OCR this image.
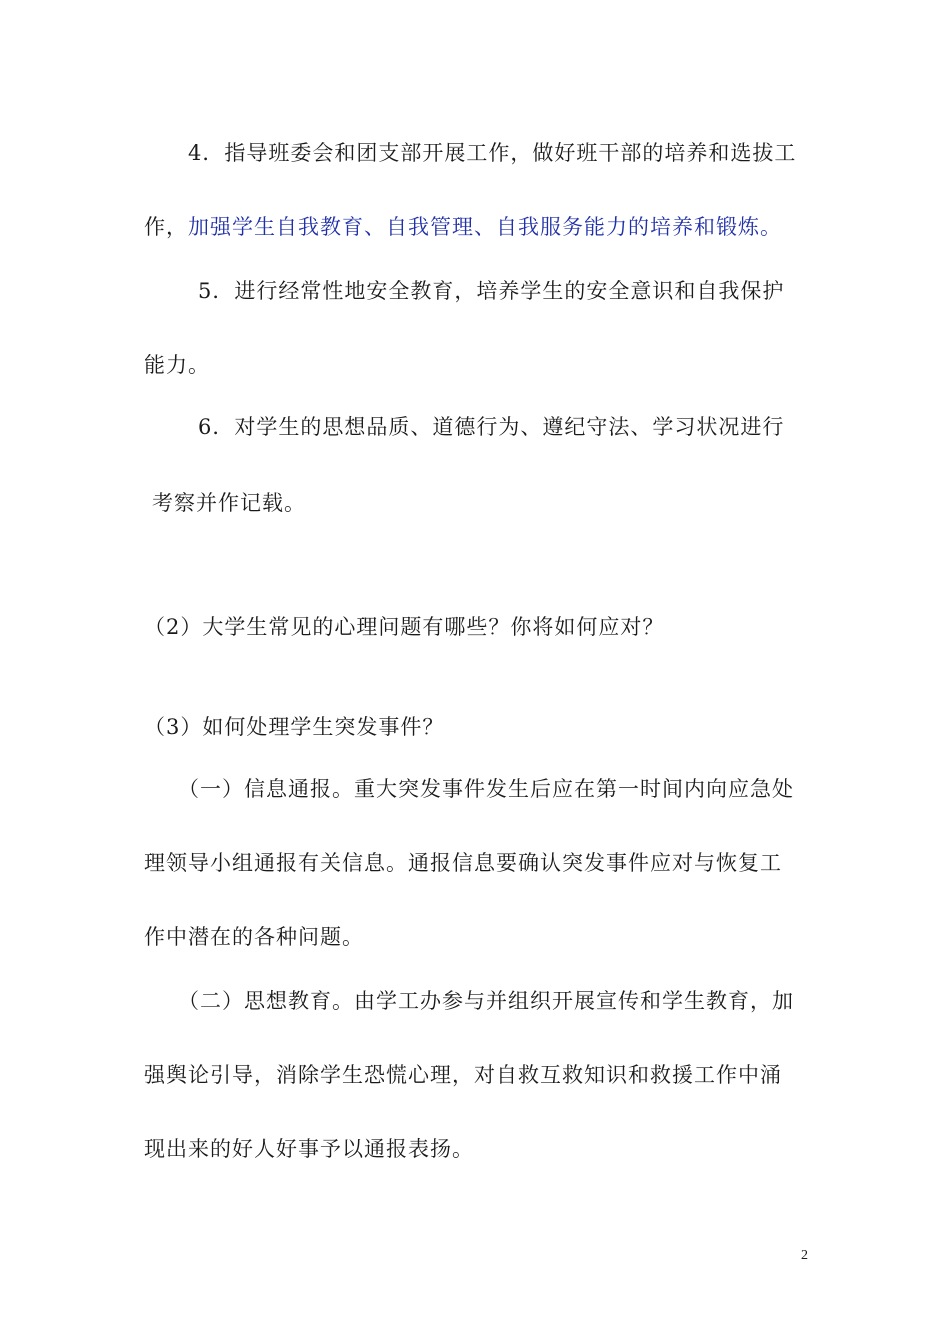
4．指导班委会和团支部开展工作，做好班干部的培养和选拔工
作，加强学生自我教育、自我管理、自我服务能力的培养和锻炼。
5．进行经常性地安全教育，培养学生的安全意识和自我保护
能力。
6．对学生的思想品质、道德行为、遵纪守法、学习状况进行
考察并作记载。
（2）大学生常见的心理问题有哪些？你将如何应对？
（3）如何处理学生突发事件？
（一）信息通报。重大突发事件发生后应在第一时间内向应急处
理领导小组通报有关信息。通报信息要确认突发事件应对与恢复工
作中潜在的各种问题。
（二）思想教育。由学工办参与并组织开展宣传和学生教育，加
强舆论引导，消除学生恐慌心理，对自救互救知识和救援工作中涌
现出来的好人好事予以通报表扬。
2
